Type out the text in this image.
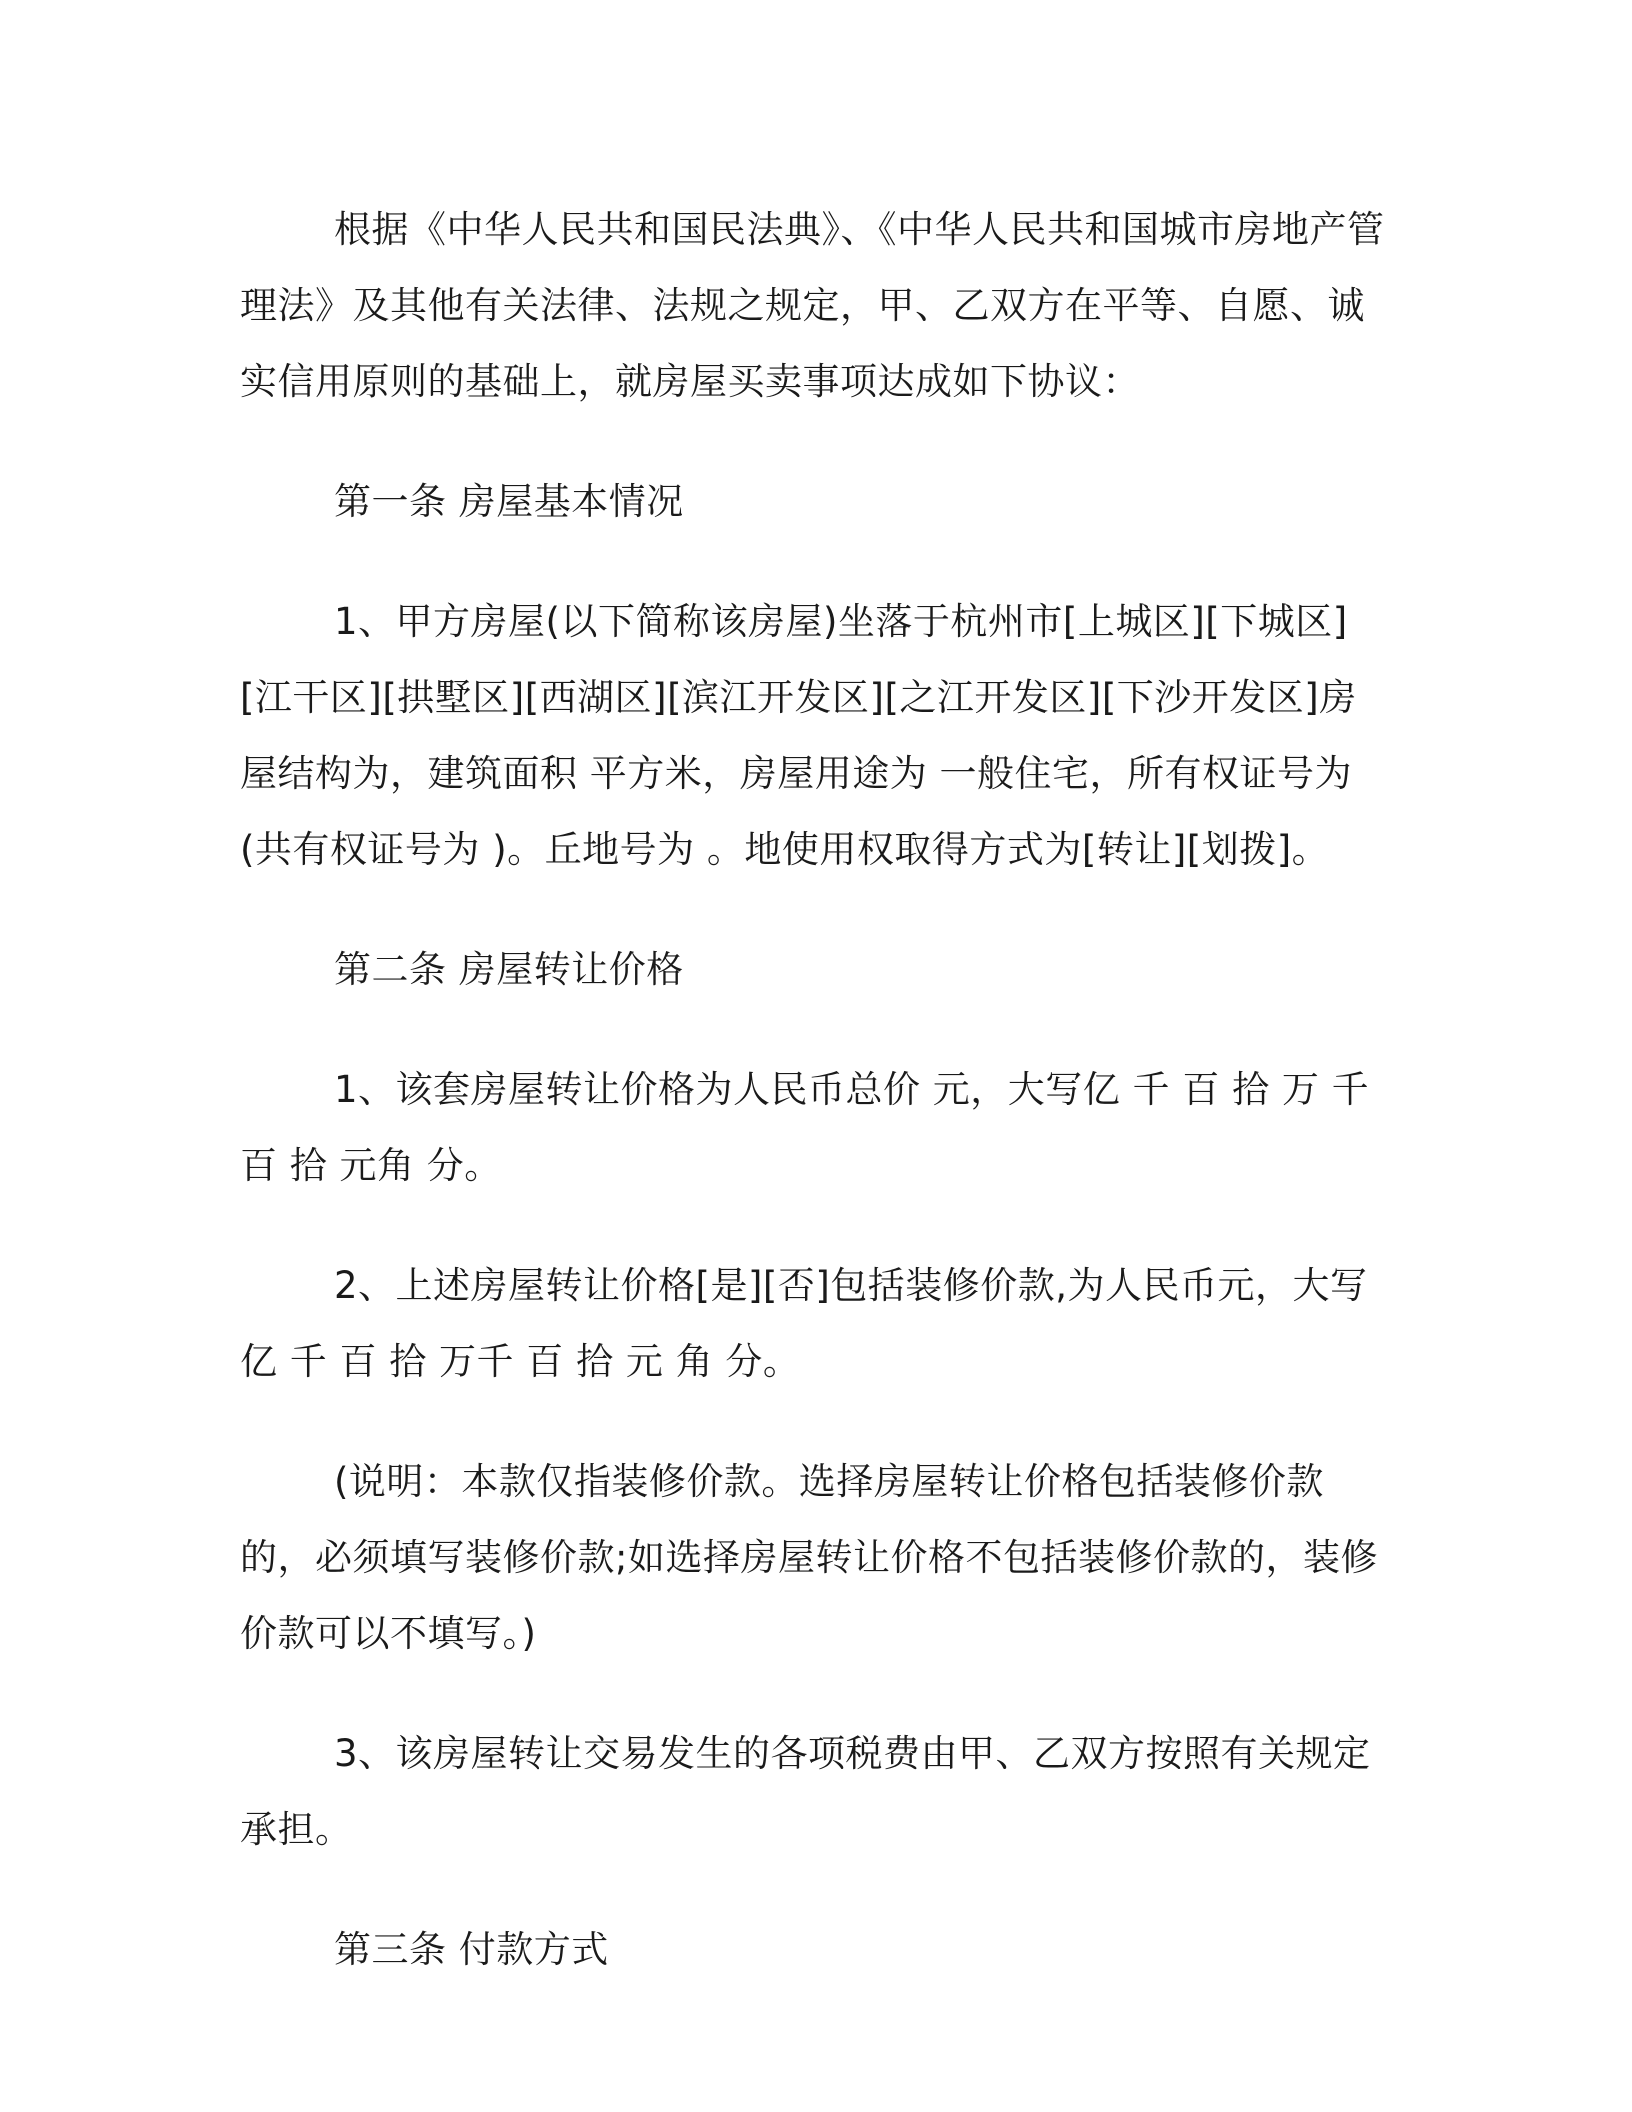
根据《中华人民共和国民法典》、《中华人民共和国城市房地产管理法》及其他有关法律、法规之规定，甲、乙双方在平等、自愿、诚实信用原则的基础上，就房屋买卖事项达成如下协议：

第一条 房屋基本情况

1、甲方房屋(以下简称该房屋)坐落于杭州市[上城区][下城区][江干区][拱墅区][西湖区][滨江开发区][之江开发区][下沙开发区]房屋结构为，建筑面积 平方米，房屋用途为 一般住宅，所有权证号为(共有权证号为 )。丘地号为 。地使用权取得方式为[转让][划拨]。

第二条 房屋转让价格

1、该套房屋转让价格为人民币总价 元，大写亿 千 百 拾 万 千 百 拾 元角 分。

2、上述房屋转让价格[是][否]包括装修价款,为人民币元，大写亿 千 百 拾 万千 百 拾 元 角 分。

(说明：本款仅指装修价款。选择房屋转让价格包括装修价款的，必须填写装修价款;如选择房屋转让价格不包括装修价款的，装修价款可以不填写。)

3、该房屋转让交易发生的各项税费由甲、乙双方按照有关规定承担。

第三条 付款方式
